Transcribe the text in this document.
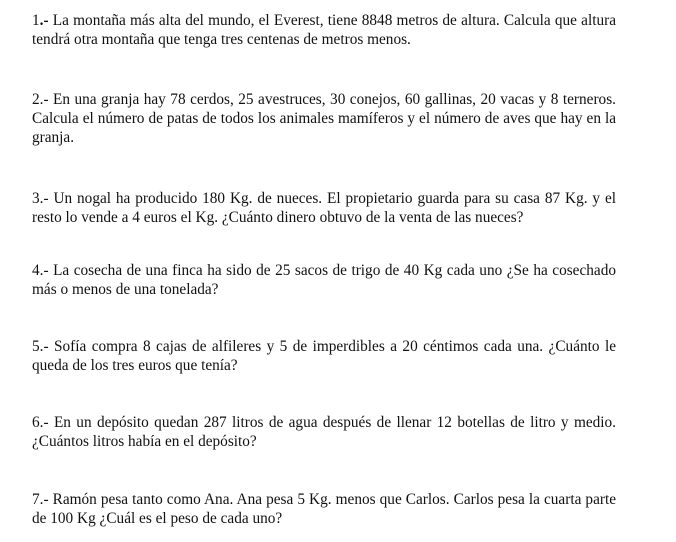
1.- La montaña más alta del mundo, el Everest, tiene 8848 metros de altura. Calcula que altura tendrá otra montaña que tenga tres centenas de metros menos.

2.- En una granja hay 78 cerdos, 25 avestruces, 30 conejos, 60 gallinas, 20 vacas y 8 terneros. Calcula el número de patas de todos los animales mamíferos y el número de aves que hay en la granja.

3.- Un nogal ha producido 180 Kg. de nueces. El propietario guarda para su casa 87 Kg. y el resto lo vende a 4 euros el Kg. ¿Cuánto dinero obtuvo de la venta de las nueces?

4.- La cosecha de una finca ha sido de 25 sacos de trigo de 40 Kg cada uno ¿Se ha cosechado más o menos de una tonelada?

5.- Sofía compra 8 cajas de alfileres y 5 de imperdibles a 20 céntimos cada una. ¿Cuánto le queda de los tres euros que tenía?

6.- En un depósito quedan 287 litros de agua después de llenar 12 botellas de litro y medio. ¿Cuántos litros había en el depósito?

7.- Ramón pesa tanto como Ana. Ana pesa 5 Kg. menos que Carlos. Carlos pesa la cuarta parte de 100 Kg ¿Cuál es el peso de cada uno?
